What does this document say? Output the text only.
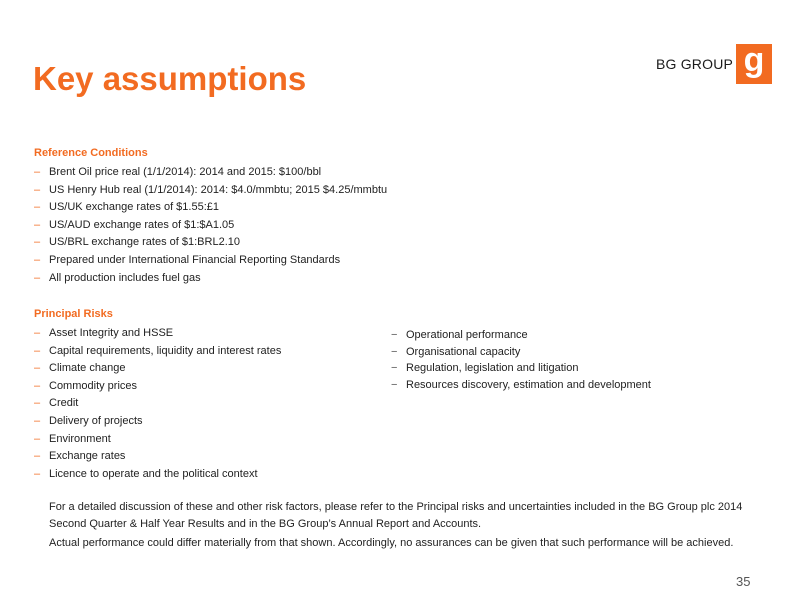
Key assumptions	BG GROUP g
Reference Conditions
– Brent Oil price real (1/1/2014): 2014 and 2015: $100/bbl
– US Henry Hub real (1/1/2014): 2014: $4.0/mmbtu; 2015 $4.25/mmbtu
– US/UK exchange rates of $1.55:£1
– US/AUD exchange rates of $1:$A1.05
– US/BRL exchange rates of $1:BRL2.10
– Prepared under International Financial Reporting Standards
– All production includes fuel gas
Principal Risks
– Asset Integrity and HSSE
– Capital requirements, liquidity and interest rates
– Climate change
– Commodity prices
– Credit
– Delivery of projects
– Environment
– Exchange rates
– Licence to operate and the political context
− Operational performance
− Organisational capacity
− Regulation, legislation and litigation
− Resources discovery, estimation and development
For a detailed discussion of these and other risk factors, please refer to the Principal risks and uncertainties included in the BG Group plc 2014 Second Quarter & Half Year Results and in the BG Group’s Annual Report and Accounts.
Actual performance could differ materially from that shown. Accordingly, no assurances can be given that such performance will be achieved.
35
